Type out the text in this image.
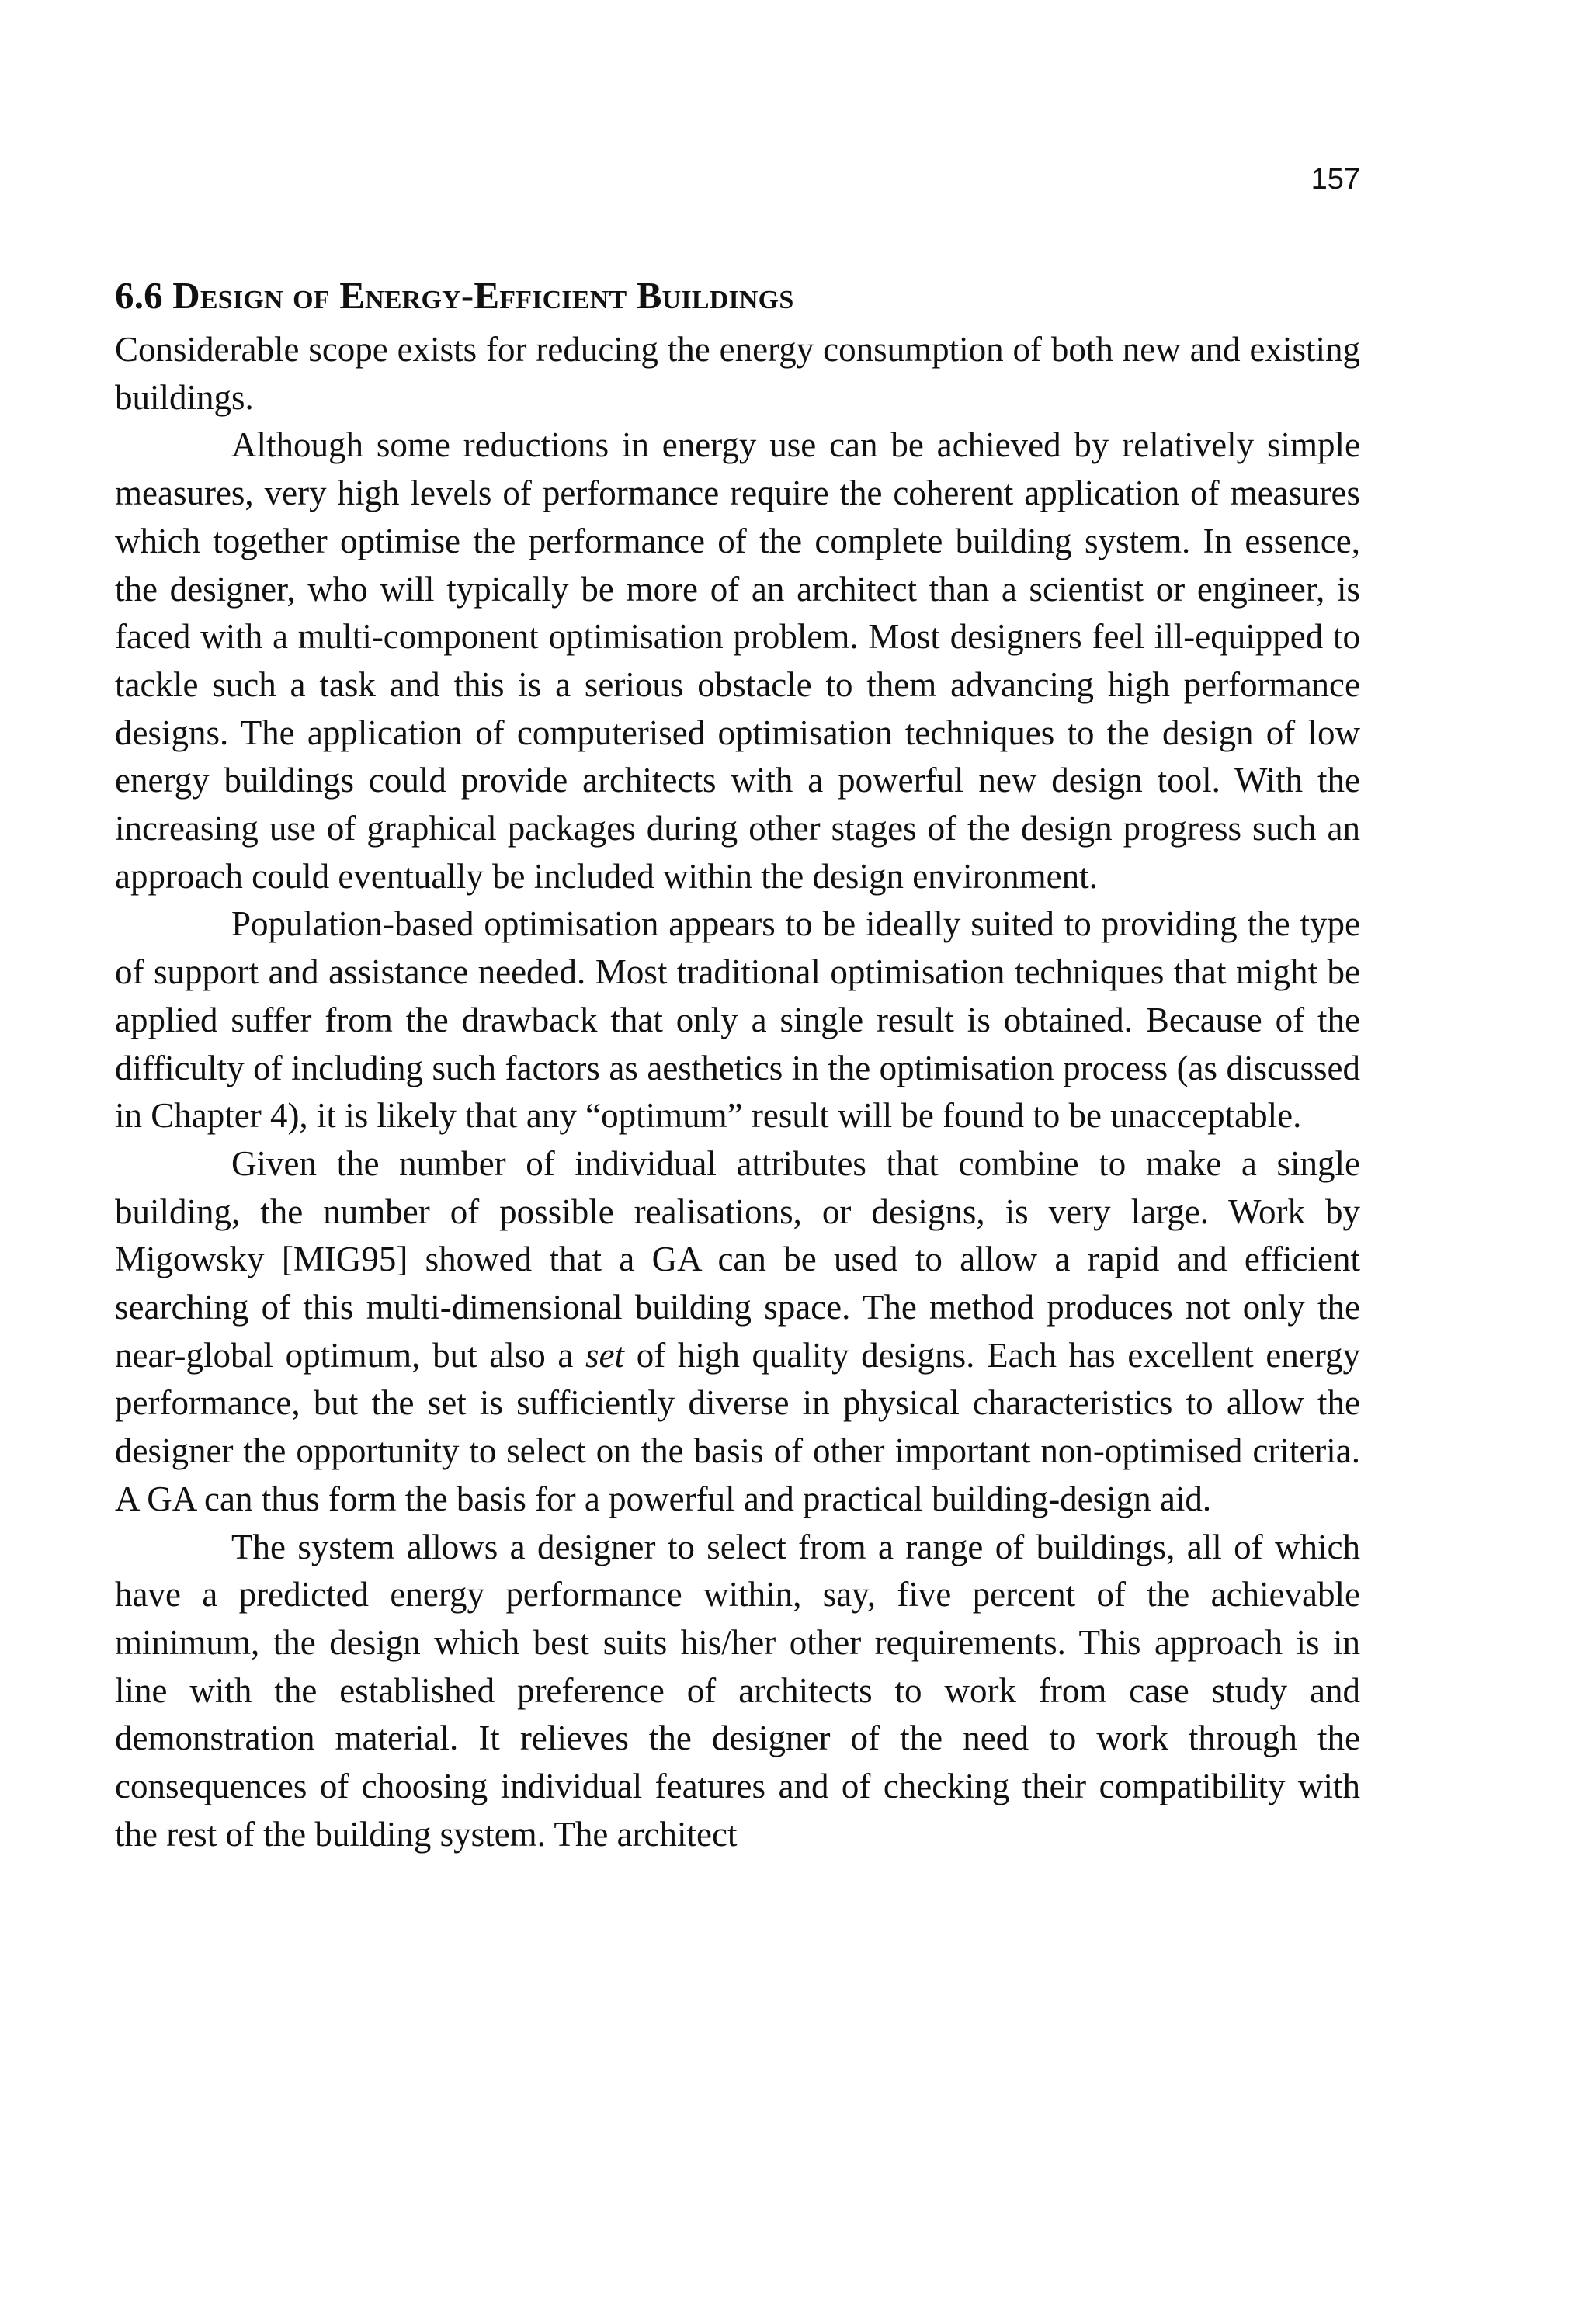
157
6.6 Design of Energy-Efficient Buildings

Considerable scope exists for reducing the energy consumption of both new and existing buildings.

Although some reductions in energy use can be achieved by relatively simple measures, very high levels of performance require the coherent application of measures which together optimise the performance of the complete building system. In essence, the designer, who will typically be more of an architect than a scientist or engineer, is faced with a multi-component optimisation problem. Most designers feel ill-equipped to tackle such a task and this is a serious obstacle to them advancing high performance designs. The application of computerised optimisation techniques to the design of low energy buildings could provide architects with a powerful new design tool. With the increasing use of graphical packages during other stages of the design progress such an approach could eventually be included within the design environment.

Population-based optimisation appears to be ideally suited to providing the type of support and assistance needed. Most traditional optimisation techniques that might be applied suffer from the drawback that only a single result is obtained. Because of the difficulty of including such factors as aesthetics in the optimisation process (as discussed in Chapter 4), it is likely that any “optimum” result will be found to be unacceptable.

Given the number of individual attributes that combine to make a single building, the number of possible realisations, or designs, is very large. Work by Migowsky [MIG95] showed that a GA can be used to allow a rapid and efficient searching of this multi-dimensional building space. The method produces not only the near-global optimum, but also a set of high quality designs. Each has excellent energy performance, but the set is sufficiently diverse in physical characteristics to allow the designer the opportunity to select on the basis of other important non-optimised criteria. A GA can thus form the basis for a powerful and practical building-design aid.

The system allows a designer to select from a range of buildings, all of which have a predicted energy performance within, say, five percent of the achievable minimum, the design which best suits his/her other requirements. This approach is in line with the established preference of architects to work from case study and demonstration material. It relieves the designer of the need to work through the consequences of choosing individual features and of checking their compatibility with the rest of the building system. The architect
